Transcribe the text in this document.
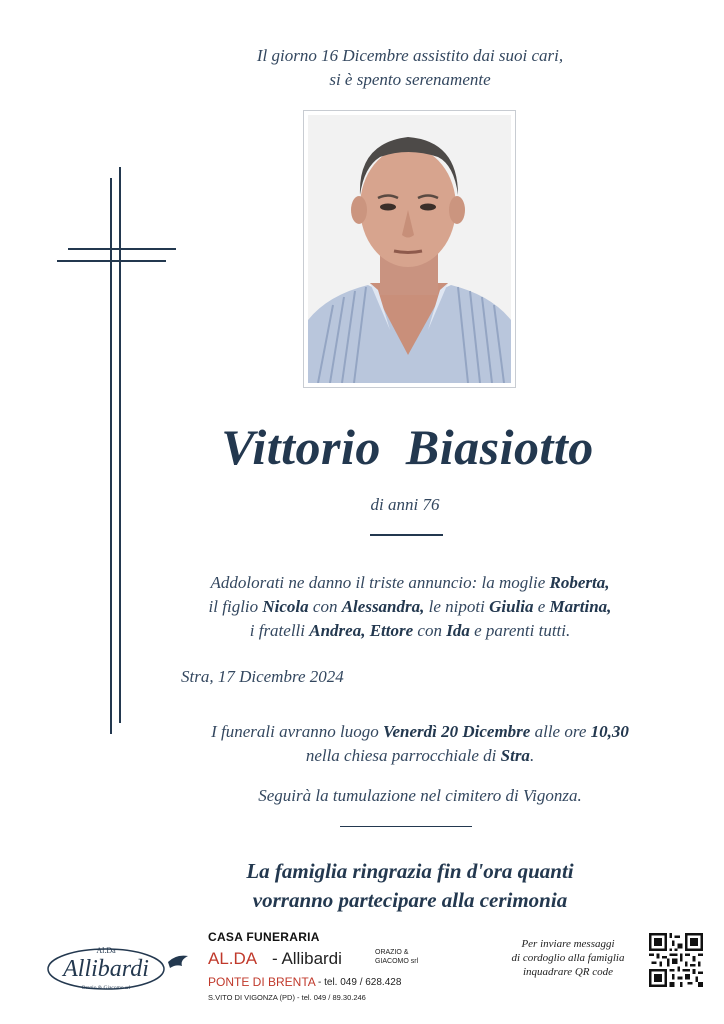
Il giorno 16 Dicembre assistito dai suoi cari,
si è spento serenamente
Vittorio Biasiotto
di anni 76
Addolorati ne danno il triste annuncio: la moglie Roberta,
il figlio Nicola con Alessandra, le nipoti Giulia e Martina,
i fratelli Andrea, Ettore con Ida e parenti tutti.
Stra, 17 Dicembre 2024
I funerali avranno luogo Venerdì 20 Dicembre alle ore 10,30
nella chiesa parrocchiale di Stra.
Seguirà la tumulazione nel cimitero di Vigonza.
La famiglia ringrazia fin d'ora quanti
vorranno partecipare alla cerimonia
Al.Da
Allibardi
Orazio & Giacomo srl
CASA FUNERARIA
AL.DA - Allibardi	ORAZIO &
GIACOMO srl
PONTE DI BRENTA - tel. 049 / 628.428
S.VITO DI VIGONZA (PD) - tel. 049 / 89.30.246
Per inviare messaggi
di cordoglio alla famiglia
inquadrare QR code
